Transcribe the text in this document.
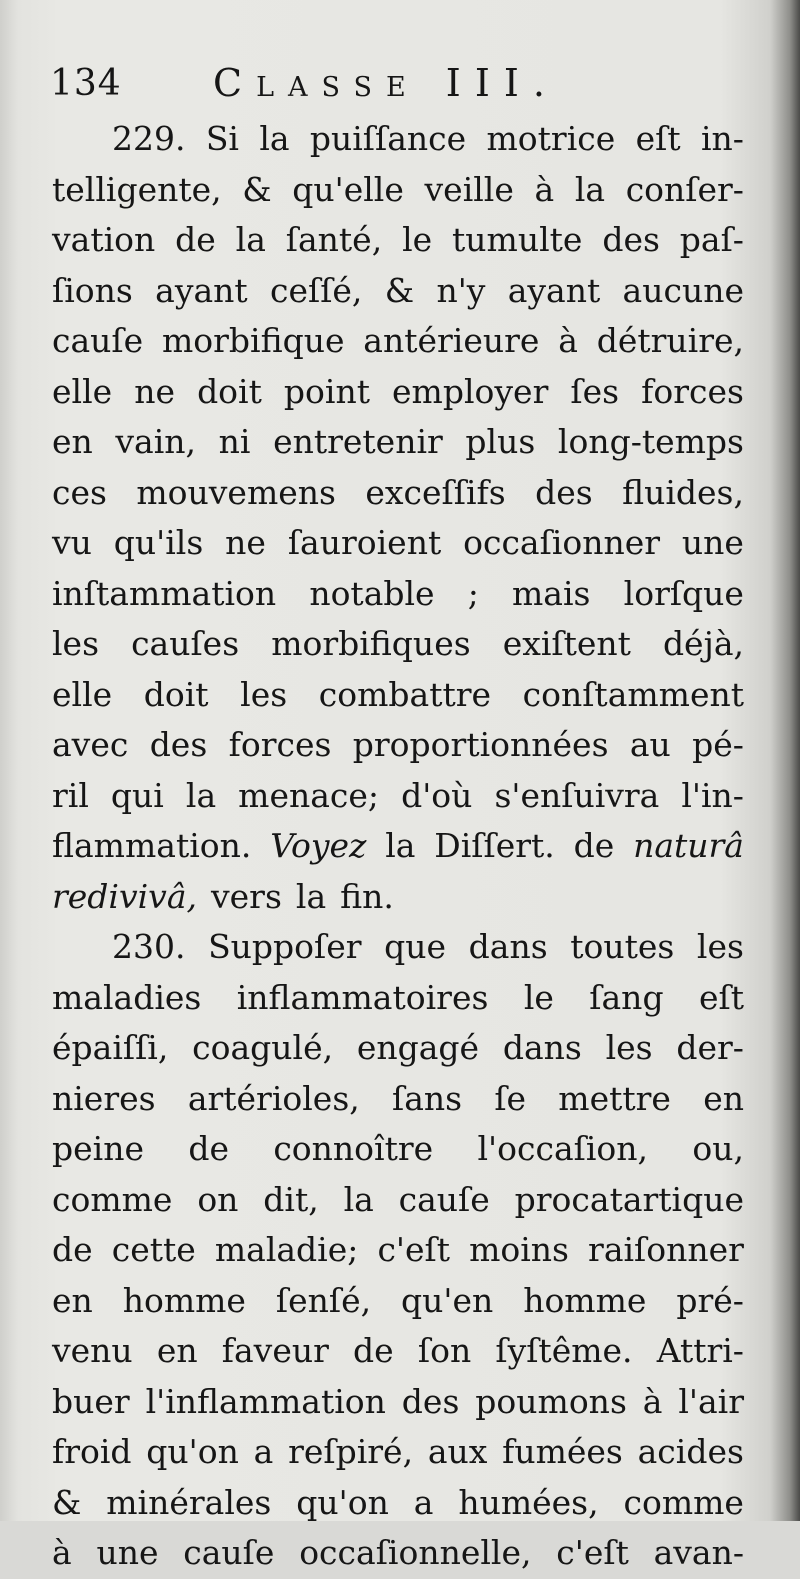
134 Classe III.
229. Si la puiſſance motrice eſt in-
telligente, & qu'elle veille à la conſer-
vation de la ſanté, le tumulte des paſ-
ſions ayant ceſſé, & n'y ayant aucune
cauſe morbifique antérieure à détruire,
elle ne doit point employer ſes forces
en vain, ni entretenir plus long-temps
ces mouvemens exceſſifs des fluides,
vu qu'ils ne ſauroient occaſionner une
inſtammation notable ; mais lorſque
les cauſes morbifiques exiſtent déjà,
elle doit les combattre conſtamment
avec des forces proportionnées au pé-
ril qui la menace; d'où s'enſuivra l'in-
flammation. Voyez la Diſſert. de naturâ
redivivâ, vers la fin.
230. Suppoſer que dans toutes les
maladies inflammatoires le ſang eſt
épaiſſi, coagulé, engagé dans les der-
nieres artérioles, ſans ſe mettre en
peine de connoître l'occaſion, ou,
comme on dit, la cauſe procatartique
de cette maladie; c'eſt moins raiſonner
en homme ſenſé, qu'en homme pré-
venu en faveur de ſon ſyſtême. Attri-
buer l'inflammation des poumons à l'air
froid qu'on a reſpiré, aux fumées acides
& minérales qu'on a humées, comme
à une cauſe occaſionnelle, c'eſt avan-
